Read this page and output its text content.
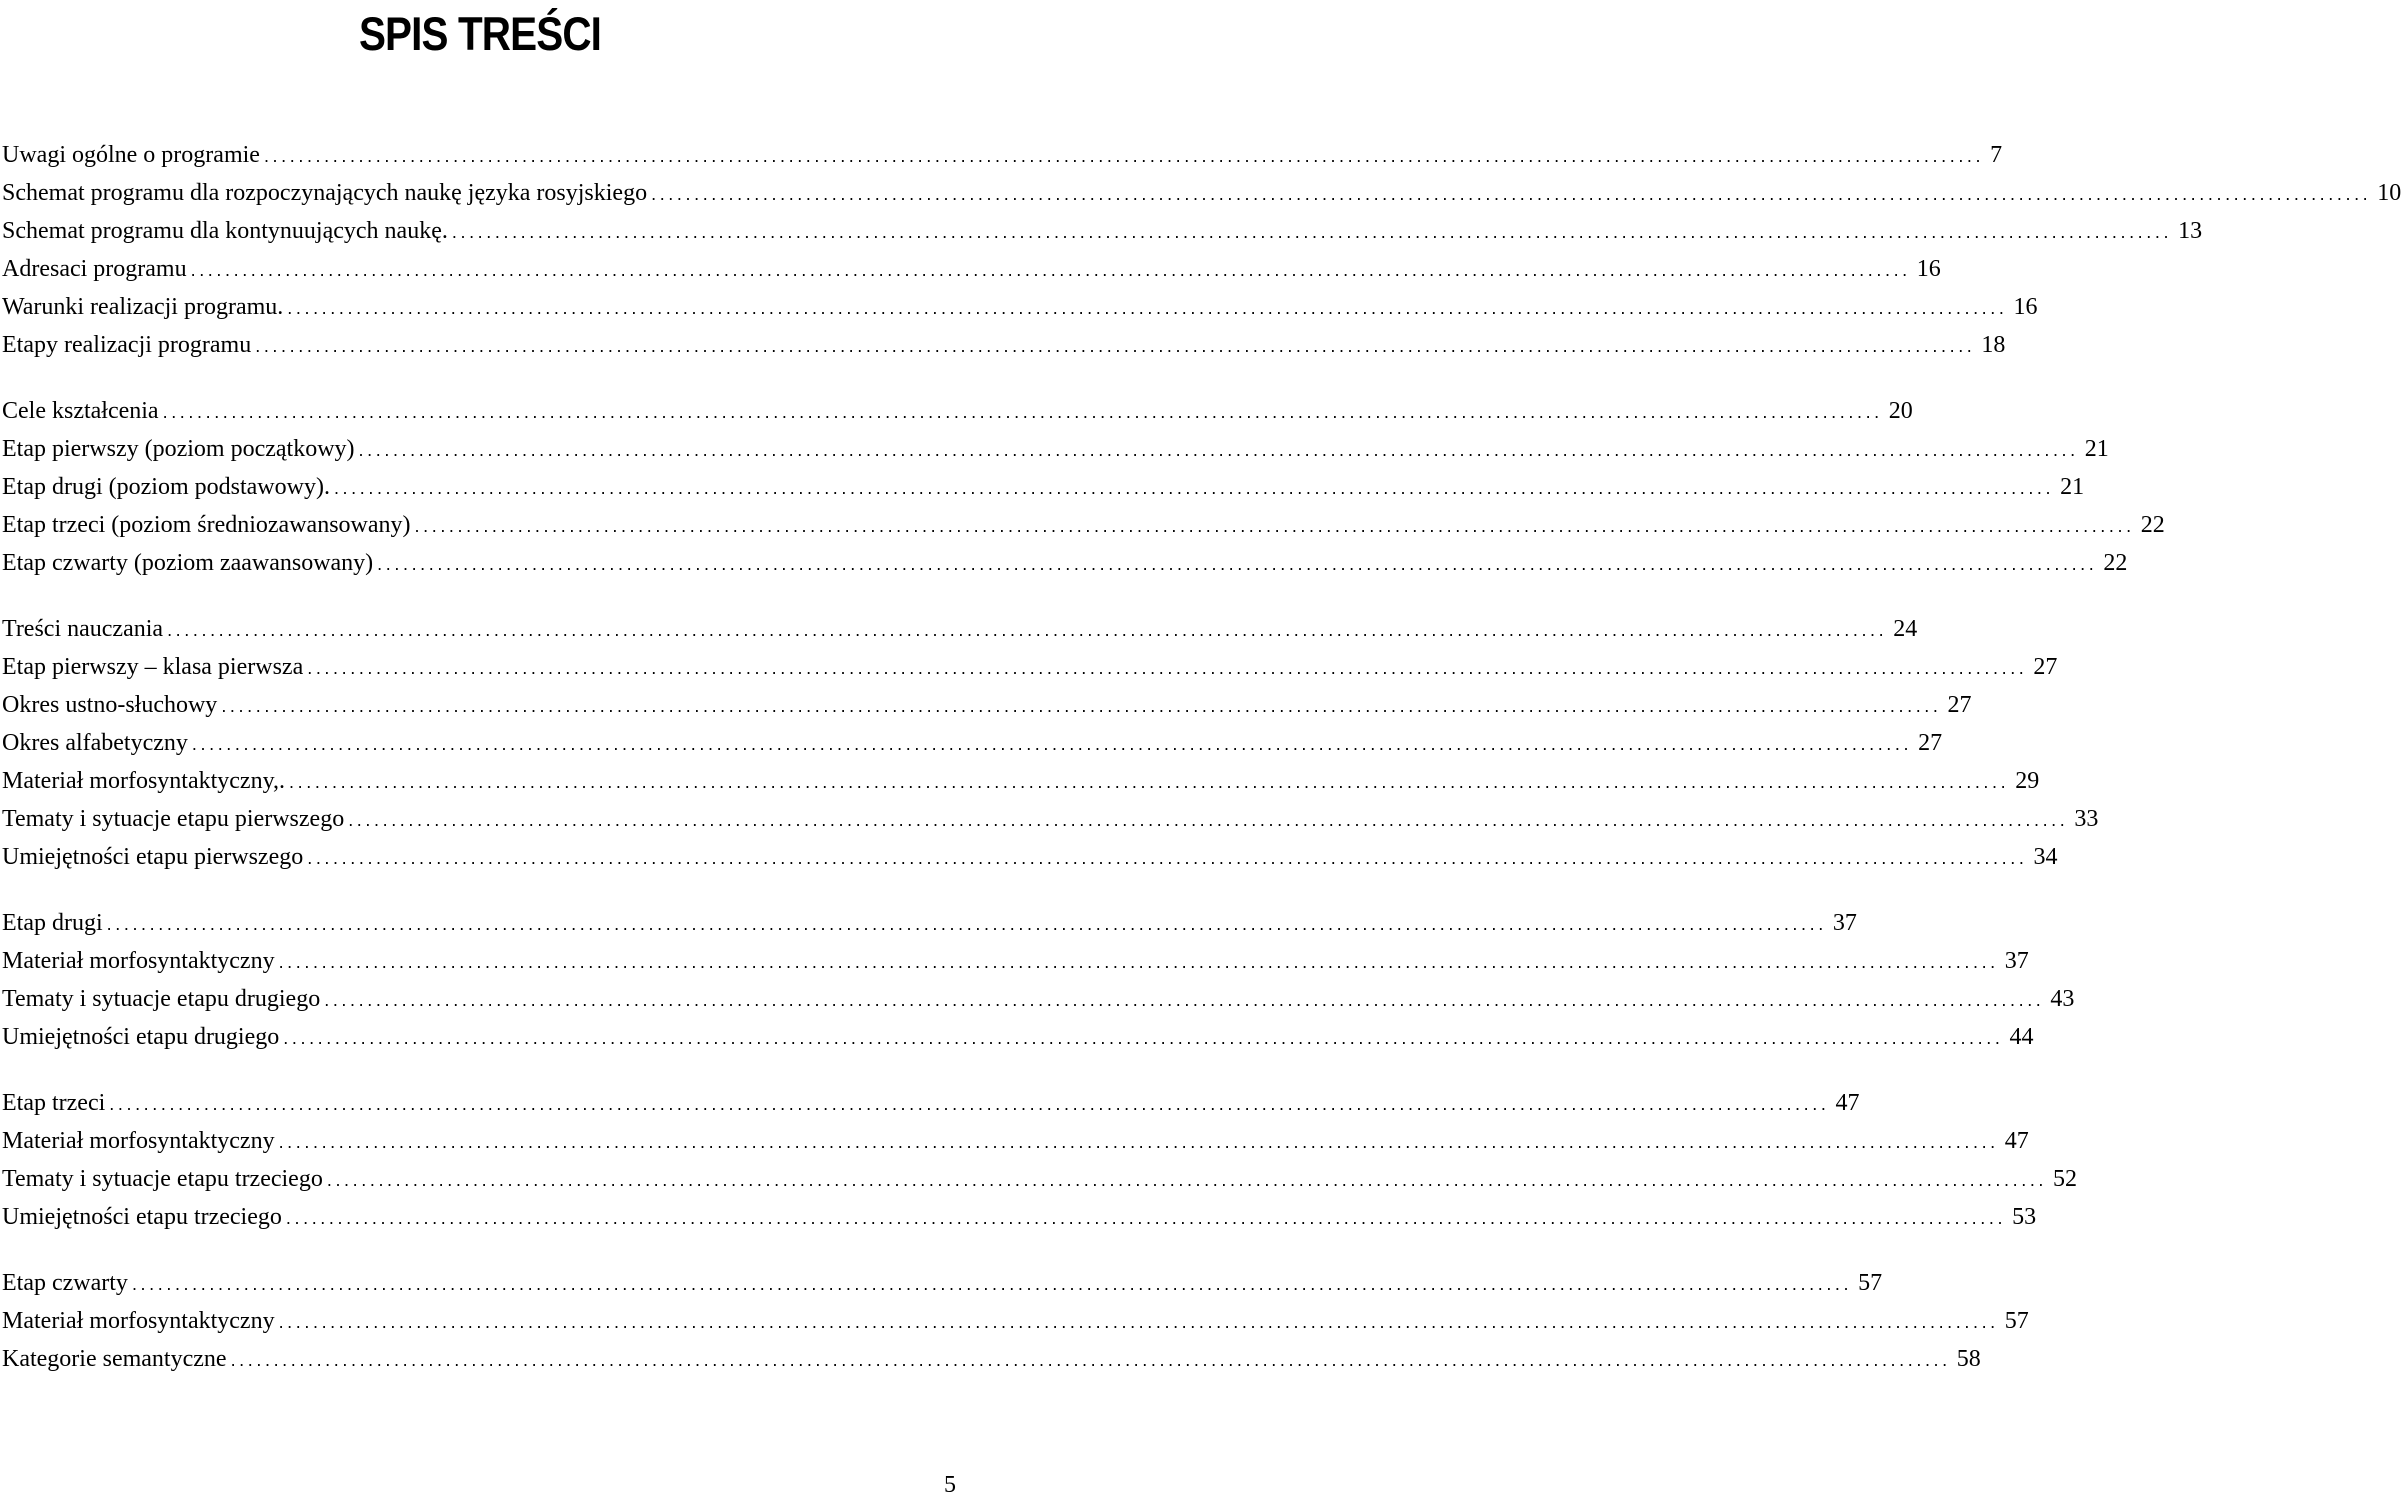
SPIS TREŚCI
Uwagi ogólne o programie ........................................................................................................................................................................................................ 7
Schemat programu dla rozpoczynających naukę języka rosyjskiego ........................................................................................................................................................................................................ 10
Schemat programu dla kontynuujących naukę. ........................................................................................................................................................................................................ 13
Adresaci programu ........................................................................................................................................................................................................ 16
Warunki realizacji programu. ........................................................................................................................................................................................................ 16
Etapy realizacji programu ........................................................................................................................................................................................................ 18
Cele kształcenia ........................................................................................................................................................................................................ 20
Etap pierwszy (poziom początkowy) ........................................................................................................................................................................................................ 21
Etap drugi (poziom podstawowy). ........................................................................................................................................................................................................ 21
Etap trzeci (poziom średniozawansowany) ........................................................................................................................................................................................................ 22
Etap czwarty (poziom zaawansowany) ........................................................................................................................................................................................................ 22
Treści nauczania ........................................................................................................................................................................................................ 24
Etap pierwszy – klasa pierwsza ........................................................................................................................................................................................................ 27
Okres ustno-słuchowy ........................................................................................................................................................................................................ 27
Okres alfabetyczny ........................................................................................................................................................................................................ 27
Materiał morfosyntaktyczny,. ........................................................................................................................................................................................................ 29
Tematy i sytuacje etapu pierwszego ........................................................................................................................................................................................................ 33
Umiejętności etapu pierwszego ........................................................................................................................................................................................................ 34
Etap drugi ........................................................................................................................................................................................................ 37
Materiał morfosyntaktyczny ........................................................................................................................................................................................................ 37
Tematy i sytuacje etapu drugiego ........................................................................................................................................................................................................ 43
Umiejętności etapu drugiego ........................................................................................................................................................................................................ 44
Etap trzeci ........................................................................................................................................................................................................ 47
Materiał morfosyntaktyczny ........................................................................................................................................................................................................ 47
Tematy i sytuacje etapu trzeciego ........................................................................................................................................................................................................ 52
Umiejętności etapu trzeciego ........................................................................................................................................................................................................ 53
Etap czwarty ........................................................................................................................................................................................................ 57
Materiał morfosyntaktyczny ........................................................................................................................................................................................................ 57
Kategorie semantyczne ........................................................................................................................................................................................................ 58
5
